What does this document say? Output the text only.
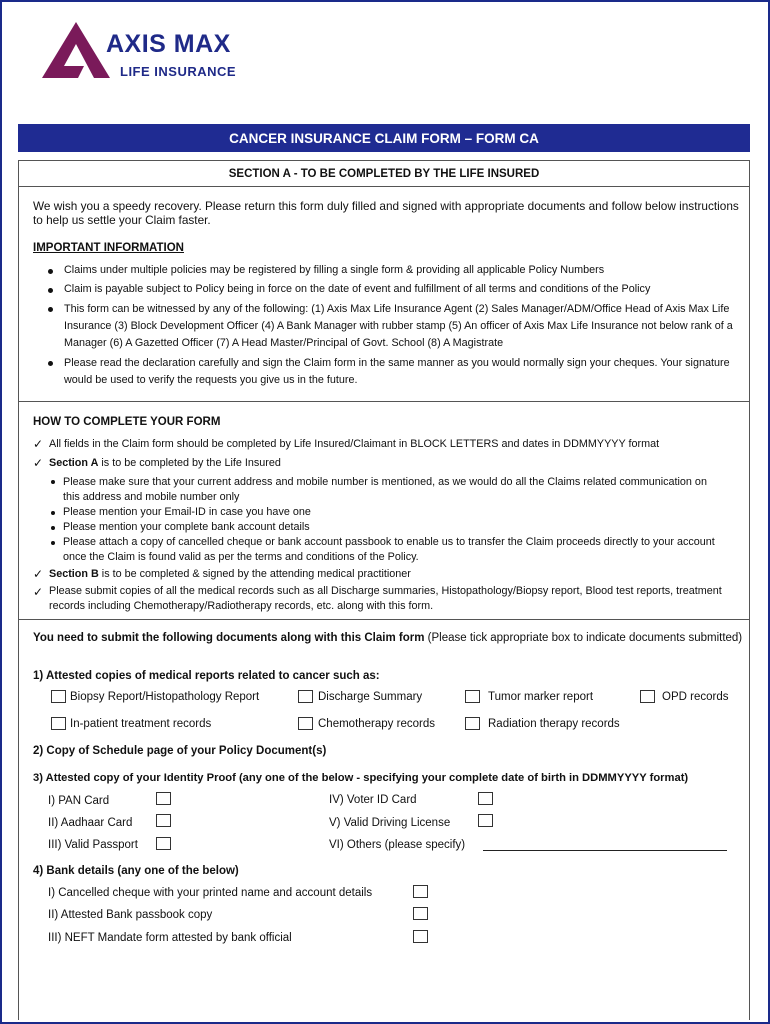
AXIS MAX
LIFE INSURANCE
CANCER INSURANCE CLAIM FORM – FORM CA
SECTION A - TO BE COMPLETED BY THE LIFE INSURED
We wish you a speedy recovery. Please return this form duly filled and signed with appropriate documents and follow below instructions to help us settle your Claim faster.
IMPORTANT INFORMATION
Claims under multiple policies may be registered by filling a single form & providing all applicable Policy Numbers
Claim is payable subject to Policy being in force on the date of event and fulfillment of all terms and conditions of the Policy
This form can be witnessed by any of the following: (1) Axis Max Life Insurance Agent (2) Sales Manager/ADM/Office Head of Axis Max Life Insurance (3) Block Development Officer (4) A Bank Manager with rubber stamp (5) An officer of Axis Max Life Insurance not below rank of a Manager (6) A Gazetted Officer (7) A Head Master/Principal of Govt. School (8) A Magistrate
Please read the declaration carefully and sign the Claim form in the same manner as you would normally sign your cheques. Your signature would be used to verify the requests you give us in the future.
HOW TO COMPLETE YOUR FORM
✓ All fields in the Claim form should be completed by Life Insured/Claimant in BLOCK LETTERS and dates in DDMMYYYY format
✓ Section A is to be completed by the Life Insured
Please make sure that your current address and mobile number is mentioned, as we would do all the Claims related communication on this address and mobile number only
Please mention your Email-ID in case you have one
Please mention your complete bank account details
Please attach a copy of cancelled cheque or bank account passbook to enable us to transfer the Claim proceeds directly to your account once the Claim is found valid as per the terms and conditions of the Policy.
✓ Section B is to be completed & signed by the attending medical practitioner
✓ Please submit copies of all the medical records such as all Discharge summaries, Histopathology/Biopsy report, Blood test reports, treatment records including Chemotherapy/Radiotherapy records, etc. along with this form.
You need to submit the following documents along with this Claim form (Please tick appropriate box to indicate documents submitted)
1) Attested copies of medical reports related to cancer such as:
Biopsy Report/Histopathology Report	Discharge Summary	Tumor marker report	OPD records
In-patient treatment records	Chemotherapy records	Radiation therapy records
2) Copy of Schedule page of your Policy Document(s)
3) Attested copy of your Identity Proof (any one of the below - specifying your complete date of birth in DDMMYYYY format)
I) PAN Card
II) Aadhaar Card
III) Valid Passport
IV) Voter ID Card
V) Valid Driving License
VI) Others (please specify)
4) Bank details (any one of the below)
I) Cancelled cheque with your printed name and account details
II) Attested Bank passbook copy
III) NEFT Mandate form attested by bank official
